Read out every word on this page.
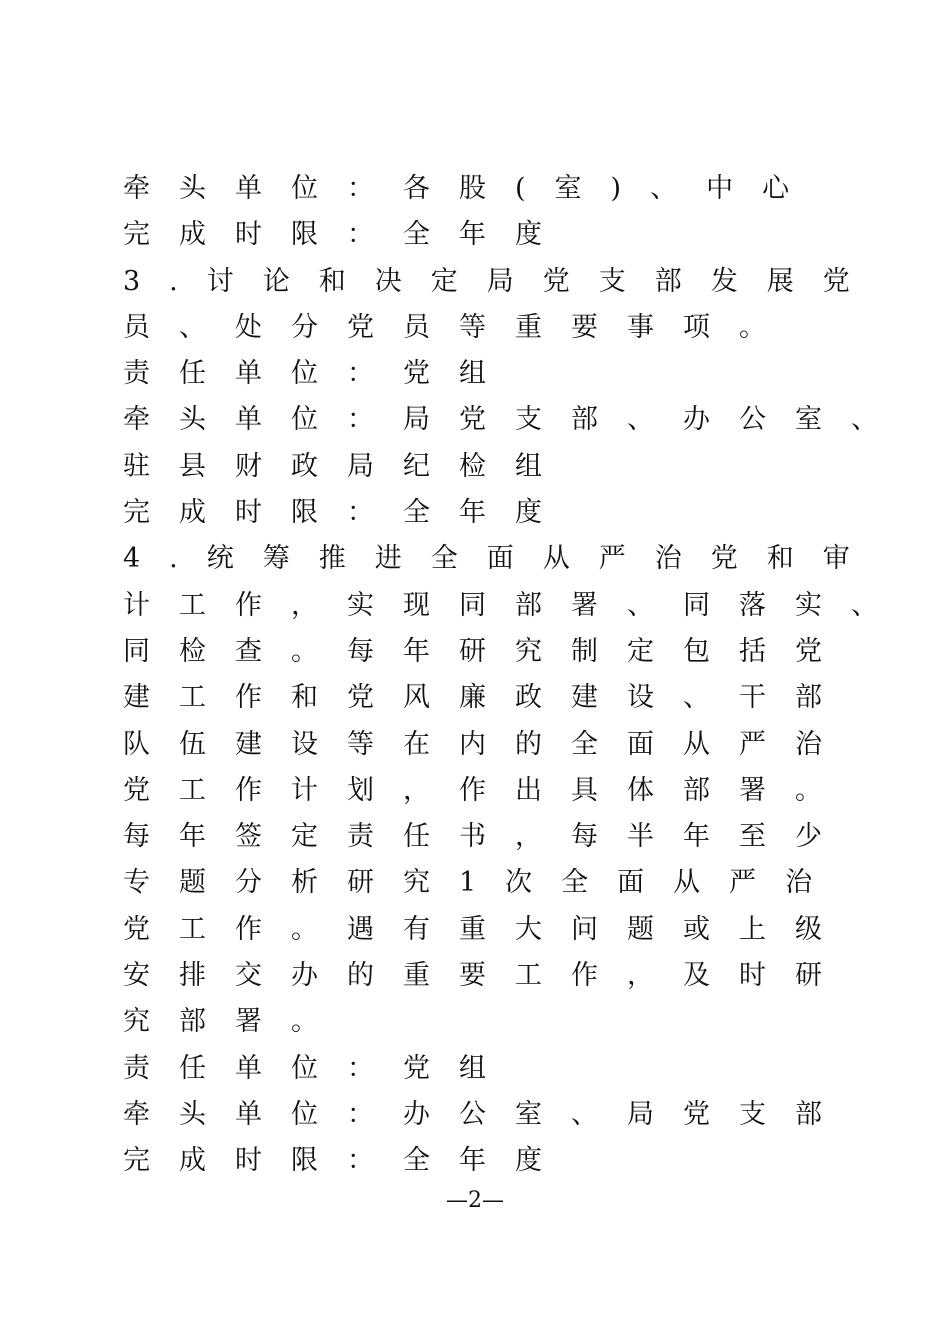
牵头单位：各股(室)、中心
完成时限：全年度
3.讨论和决定局党支部发展党
员、处分党员等重要事项。
责任单位：党组
牵头单位：局党支部、办公室、
驻县财政局纪检组
完成时限：全年度
4.统筹推进全面从严治党和审
计工作，实现同部署、同落实、
同检查。每年研究制定包括党
建工作和党风廉政建设、干部
队伍建设等在内的全面从严治
党工作计划，作出具体部署。
每年签定责任书，每半年至少
专题分析研究1次全面从严治
党工作。遇有重大问题或上级
安排交办的重要工作，及时研
究部署。
责任单位：党组
牵头单位：办公室、局党支部
完成时限：全年度
—2—
